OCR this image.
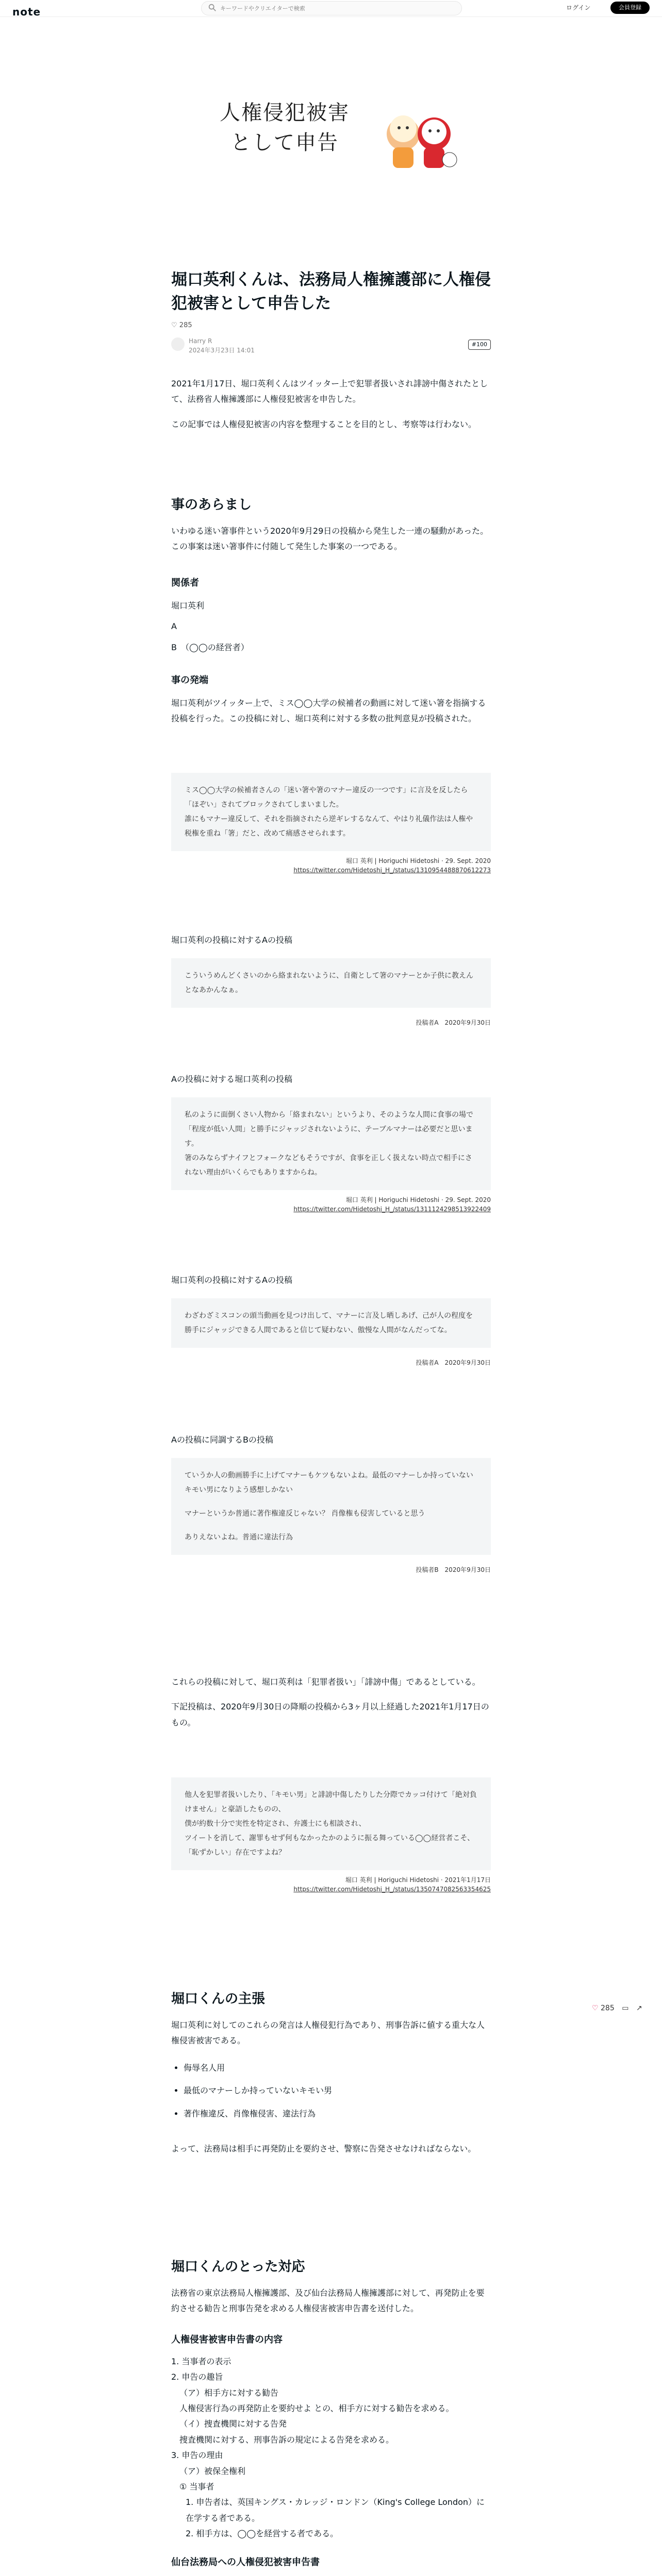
note
キーワードやクリエイターで検索	ログイン	会員登録
人権侵犯被害
として申告
堀口英利くんは、法務局人権擁護部に人権侵犯被害として申告した
♡ 285
Harry R
2024年3月23日 14:01
#100

2021年1月17日、堀口英利くんはツイッター上で犯罪者扱いされ誹謗中傷されたとして、法務省人権擁護部に人権侵犯被害を申告した。

この記事では人権侵犯被害の内容を整理することを目的とし、考察等は行わない。

事のあらまし

いわゆる迷い箸事件という2020年9月29日の投稿から発生した一連の騒動があった。この事案は迷い箸事件に付随して発生した事案の一つである。

関係者
堀口英利
A
B　（◯◯の経営者）
事の発端

堀口英利がツイッター上で、ミス◯◯大学の候補者の動画に対して迷い箸を指摘する投稿を行った。この投稿に対し、堀口英利に対する多数の批判意見が投稿された。

ミス◯◯大学の候補者さんの「迷い箸や箸のマナー違反の一つです」に言及を反したら「ほぞい」されてブロックされてしまいました。
誰にもマナー違反して、それを指摘されたら逆ギレするなんて、やはり礼儀作法は人権や税権を重ね「箸」だと、改めて痛感させられます。
堀口 英利 | Horiguchi Hidetoshi · 29. Sept. 2020
https://twitter.com/Hidetoshi_H_/status/1310954488870612273
堀口英利の投稿に対するAの投稿
こういうめんどくさいのから絡まれないように、自衛として箸のマナーとか子供に教えんとなあかんなぁ。
投稿者A　2020年9月30日
Aの投稿に対する堀口英利の投稿
私のように面倒くさい人物から「絡まれない」というより、そのような人間に食事の場で「程度が低い人間」と勝手にジャッジされないように、テーブルマナーは必要だと思います。
箸のみならずナイフとフォークなどもそうですが、食事を正しく扱えない時点で相手にされない理由がいくらでもありますからね。
堀口 英利 | Horiguchi Hidetoshi · 29. Sept. 2020
https://twitter.com/Hidetoshi_H_/status/1311124298513922409
堀口英利の投稿に対するAの投稿
わざわざミスコンの頭当動画を見つけ出して、マナーに言及し晒しあげ、己が人の程度を勝手にジャッジできる人間であると信じて疑わない、傲慢な人間がなんだってな。
投稿者A　2020年9月30日
Aの投稿に同調するBの投稿

ていうか人の動画勝手に上げてマナーもケツもないよね。最低のマナーしか持っていないキモい男になりよう感想しかない

マナーというか普通に著作権違反じゃない？ 肖像権も侵害していると思う

ありえないよね。普通に違法行為

投稿者B　2020年9月30日

これらの投稿に対して、堀口英利は「犯罪者扱い」「誹謗中傷」であるとしている。

下記投稿は、2020年9月30日の降順の投稿から3ヶ月以上経過した2021年1月17日のもの。

他人を犯罪者扱いしたり、「キモい男」と誹謗中傷したりした分際でカッコ付けて「絶対負けません」と豪語したものの、
僕が約数十分で実性を特定され、弁護士にも相談され、
ツイートを消して、謝罪もせず何もなかったかのように振る舞っている◯◯経営者こそ、「恥ずかしい」存在ですよね？
堀口 英利 | Horiguchi Hidetoshi · 2021年1月17日
https://twitter.com/Hidetoshi_H_/status/1350747082563354625
♡ 285 ▭ ↗
堀口くんの主張

堀口英利に対してのこれらの発言は人権侵犯行為であり、刑事告訴に値する重大な人権侵害被害である。

• 侮辱名人用
• 最低のマナーしか持っていないキモい男
• 著作権違反、肖像権侵害、違法行為

よって、法務局は相手に再発防止を要約させ、警察に告発させなければならない。

堀口くんのとった対応

法務省の東京法務局人権擁護部、及び仙台法務局人権擁護部に対して、再発防止を要約させる勧告と刑事告発を求める人権侵害被害申告書を送付した。

人権侵害被害申告書の内容
1. 当事者の表示
2. 申告の趣旨
（ア）相手方に対する勧告
人権侵害行為の再発防止を要約せよ との、相手方に対する勧告を求める。
（イ）捜査機関に対する告発
捜査機関に対する、刑事告訴の規定による告発を求める。
3. 申告の理由
（ア）被保全権利
① 当事者
1. 申告者は、英国キングス・カレッジ・ロンドン（King's College London）に在学する者である。
2. 相手方は、◯◯を経営する者である。
仙台法務局への人権侵犯被害申告書
